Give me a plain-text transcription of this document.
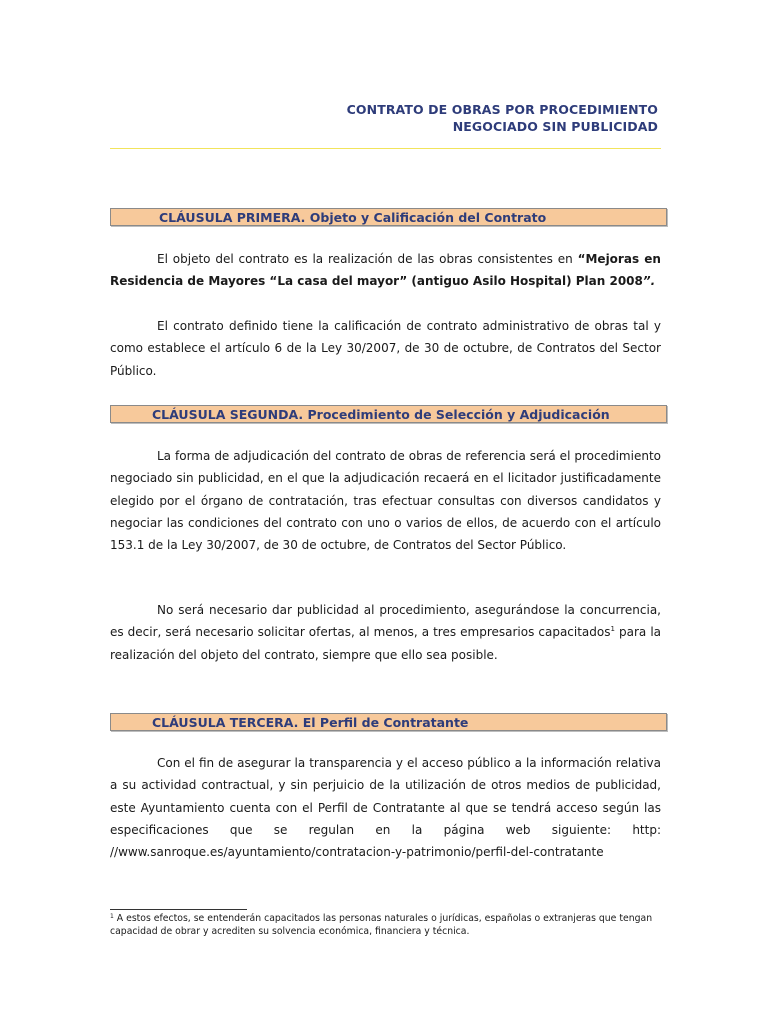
CONTRATO DE OBRAS POR PROCEDIMIENTO
NEGOCIADO SIN PUBLICIDAD
CLÁUSULA PRIMERA. Objeto y Calificación del Contrato
El objeto del contrato es la realización de las obras consistentes en “Mejoras en Residencia de Mayores “La casa del mayor” (antiguo Asilo Hospital) Plan 2008”.
El contrato definido tiene la calificación de contrato administrativo de obras tal y como establece el artículo 6 de la Ley 30/2007, de 30 de octubre, de Contratos del Sector Público.
CLÁUSULA SEGUNDA. Procedimiento de Selección y Adjudicación
La forma de adjudicación del contrato de obras de referencia será el procedimiento negociado sin publicidad, en el que la adjudicación recaerá en el licitador justificadamente elegido por el órgano de contratación, tras efectuar consultas con diversos candidatos y negociar las condiciones del contrato con uno o varios de ellos, de acuerdo con el artículo 153.1 de la Ley 30/2007, de 30 de octubre, de Contratos del Sector Público.
No será necesario dar publicidad al procedimiento, asegurándose la concurrencia, es decir, será necesario solicitar ofertas, al menos, a tres empresarios capacitados$^1$ para la realización del objeto del contrato, siempre que ello sea posible.
CLÁUSULA TERCERA. El Perfil de Contratante
Con el fin de asegurar la transparencia y el acceso público a la información relativa a su actividad contractual, y sin perjuicio de la utilización de otros medios de publicidad, este Ayuntamiento cuenta con el Perfil de Contratante al que se tendrá acceso según las especificaciones que se regulan en la página web siguiente: http: //www.sanroque.es/ayuntamiento/contratacion-y-patrimonio/perfil-del-contratante
$^1$ A estos efectos, se entenderán capacitados las personas naturales o jurídicas, españolas o extranjeras que tengan capacidad de obrar y acrediten su solvencia económica, financiera y técnica.
